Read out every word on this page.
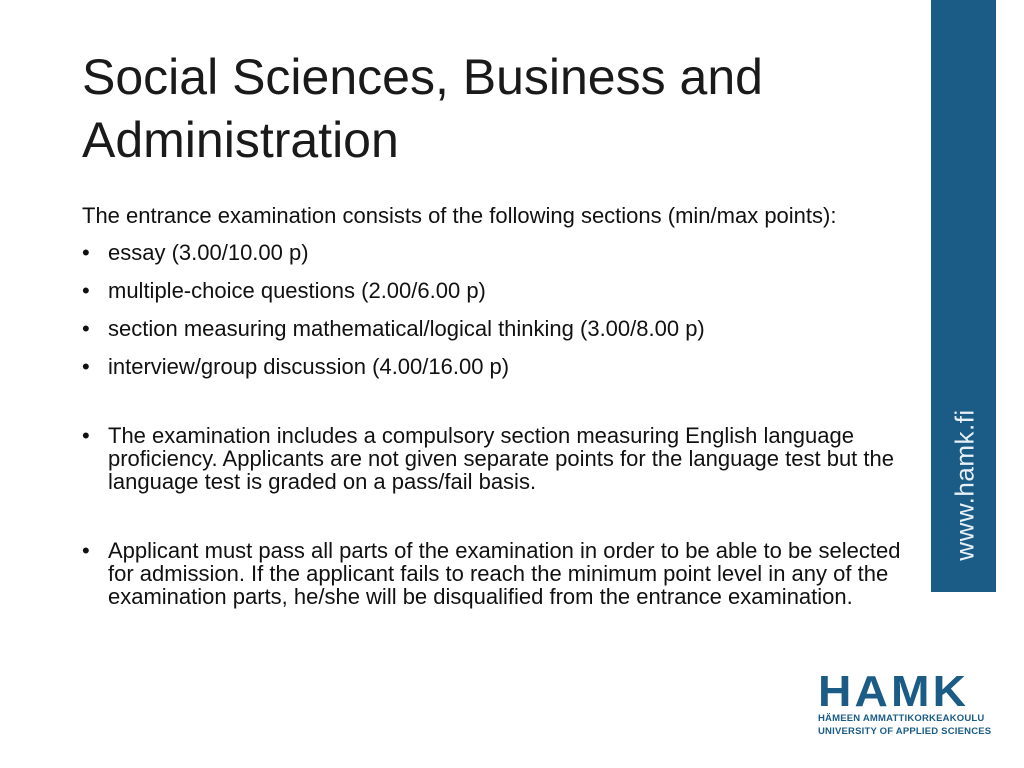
Social Sciences, Business and
Administration

The entrance examination consists of the following sections (min/max points):

• essay (3.00/10.00 p)
• multiple-choice questions (2.00/6.00 p)
• section measuring mathematical/logical thinking (3.00/8.00 p)
• interview/group discussion (4.00/16.00 p)
• The examination includes a compulsory section measuring English language proficiency. Applicants are not given separate points for the language test but the language test is graded on a pass/fail basis.
• Applicant must pass all parts of the examination in order to be able to be selected for admission. If the applicant fails to reach the minimum point level in any of the examination parts, he/she will be disqualified from the entrance examination.
www.hamk.fi
HAMK
HÄMEEN AMMATTIKORKEAKOULU
UNIVERSITY OF APPLIED SCIENCES
